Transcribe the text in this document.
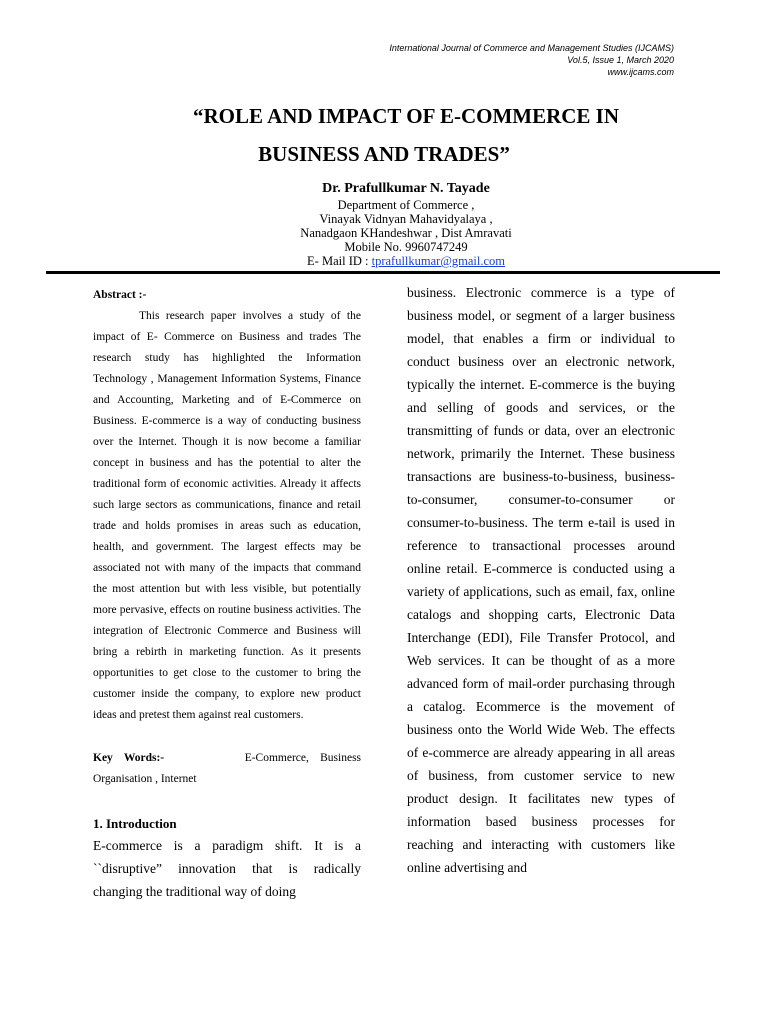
International Journal of Commerce and Management Studies (IJCAMS)
Vol.5, Issue 1, March 2020
www.ijcams.com
“ROLE AND IMPACT OF E-COMMERCE IN
BUSINESS AND TRADES”
Dr. Prafullkumar N. Tayade
Department of Commerce ,
Vinayak Vidnyan Mahavidyalaya ,
Nanadgaon KHandeshwar , Dist Amravati
Mobile No. 9960747249
E- Mail ID : tprafullkumar@gmail.com
Abstract :-

This research paper involves a study of the impact of E- Commerce on Business and trades The research study has highlighted the Information Technology , Management Information Systems, Finance and Accounting, Marketing and of E-Commerce on Business. E-commerce is a way of conducting business over the Internet. Though it is now become a familiar concept in business and has the potential to alter the traditional form of economic activities. Already it affects such large sectors as communications, finance and retail trade and holds promises in areas such as education, health, and government. The largest effects may be associated not with many of the impacts that command the most attention but with less visible, but potentially more pervasive, effects on routine business activities. The integration of Electronic Commerce and Business will bring a rebirth in marketing function. As it presents opportunities to get close to the customer to bring the customer inside the company, to explore new product ideas and pretest them against real customers.

Key Words:-	E-Commerce, Business Organisation , Internet
1. Introduction

E-commerce is a paradigm shift. It is a ``disruptive” innovation that is radically changing the traditional way of doing

business. Electronic commerce is a type of business model, or segment of a larger business model, that enables a firm or individual to conduct business over an electronic network, typically the internet. E-commerce is the buying and selling of goods and services, or the transmitting of funds or data, over an electronic network, primarily the Internet. These business transactions are business-to-business, business-to-consumer, consumer-to-consumer or consumer-to-business. The term e-tail is used in reference to transactional processes around online retail. E-commerce is conducted using a variety of applications, such as email, fax, online catalogs and shopping carts, Electronic Data Interchange (EDI), File Transfer Protocol, and Web services. It can be thought of as a more advanced form of mail-order purchasing through a catalog. Ecommerce is the movement of business onto the World Wide Web. The effects of e-commerce are already appearing in all areas of business, from customer service to new product design. It facilitates new types of information based business processes for reaching and interacting with customers like online advertising and
